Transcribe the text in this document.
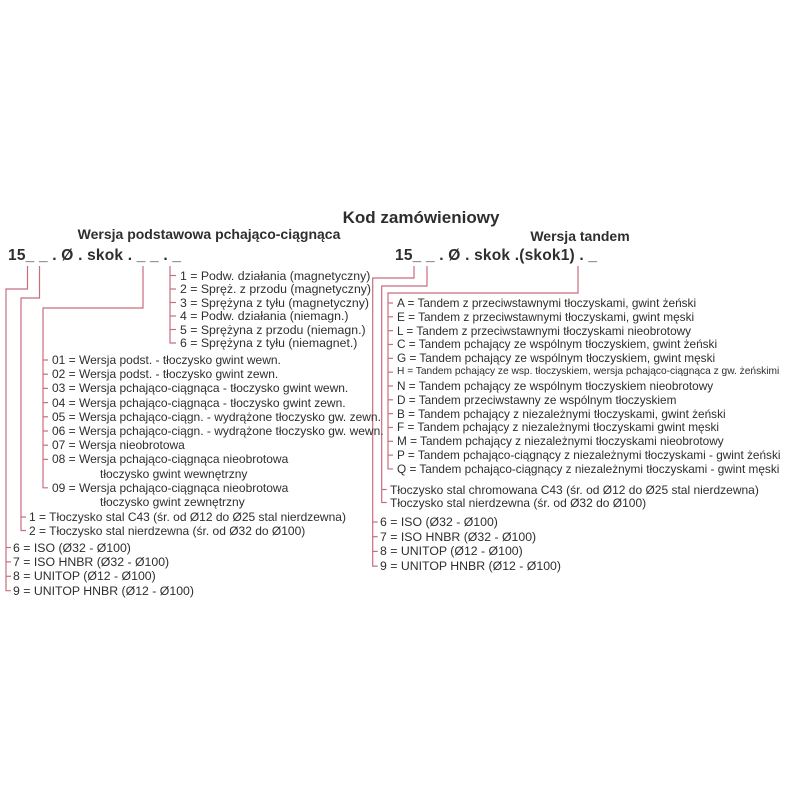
Kod zamówieniowy
Wersja podstawowa pchająco-ciągnąca	Wersja tandem
15_ _ . Ø . skok . _ _ . _	15_ _ . Ø . skok .(skok1) . _
1 = Podw. działania (magnetyczny)
2 = Spręż. z przodu (magnetyczny)
3 = Sprężyna z tyłu (magnetyczny)
4 = Podw. działania (niemagn.)
5 = Sprężyna z przodu (niemagn.)
6 = Sprężyna z tyłu (niemagnet.)
01 = Wersja podst. - tłoczysko gwint wewn.
02 = Wersja podst. - tłoczysko gwint zewn.
03 = Wersja pchająco-ciągnąca - tłoczysko gwint wewn.
04 = Wersja pchająco-ciągnąca - tłoczysko gwint zewn.
05 = Wersja pchająco-ciągn. - wydrążone tłoczysko gw. zewn.
06 = Wersja pchająco-ciągn. - wydrążone tłoczysko gw. wewn.
07 = Wersja nieobrotowa
08 = Wersja pchająco-ciągnąca nieobrotowa
tłoczysko gwint wewnętrzny
09 = Wersja pchająco-ciągnąca nieobrotowa
tłoczysko gwint zewnętrzny
1 = Tłoczysko stal C43 (śr. od Ø12 do Ø25 stal nierdzewna)
2 = Tłoczysko stal nierdzewna (śr. od Ø32 do Ø100)
6 = ISO (Ø32 - Ø100)
7 = ISO HNBR (Ø32 - Ø100)
8 = UNITOP (Ø12 - Ø100)
9 = UNITOP HNBR (Ø12 - Ø100)
A = Tandem z przeciwstawnymi tłoczyskami, gwint żeński
E = Tandem z przeciwstawnymi tłoczyskami, gwint męski
L = Tandem z przeciwstawnymi tłoczyskami nieobrotowy
C = Tandem pchający ze wspólnym tłoczyskiem, gwint żeński
G = Tandem pchający ze wspólnym tłoczyskiem, gwint męski
H = Tandem pchający ze wsp. tłoczyskiem, wersja pchająco-ciągnąca z gw. żeńskimi
N = Tandem pchający ze wspólnym tłoczyskiem nieobrotowy
D = Tandem przeciwstawny ze wspólnym tłoczyskiem
B = Tandem pchający z niezależnymi tłoczyskami, gwint żeński
F = Tandem pchający z niezależnymi tłoczyskami gwint męski
M = Tandem pchający z niezależnymi tłoczyskami nieobrotowy
P = Tandem pchająco-ciągnący z niezależnymi tłoczyskami - gwint żeński
Q = Tandem pchająco-ciągnący z niezależnymi tłoczyskami - gwint męski
Tłoczysko stal chromowana C43 (śr. od Ø12 do Ø25 stal nierdzewna)
Tłoczysko stal nierdzewna (śr. od Ø32 do Ø100)
6 = ISO (Ø32 - Ø100)
7 = ISO HNBR (Ø32 - Ø100)
8 = UNITOP (Ø12 - Ø100)
9 = UNITOP HNBR (Ø12 - Ø100)
